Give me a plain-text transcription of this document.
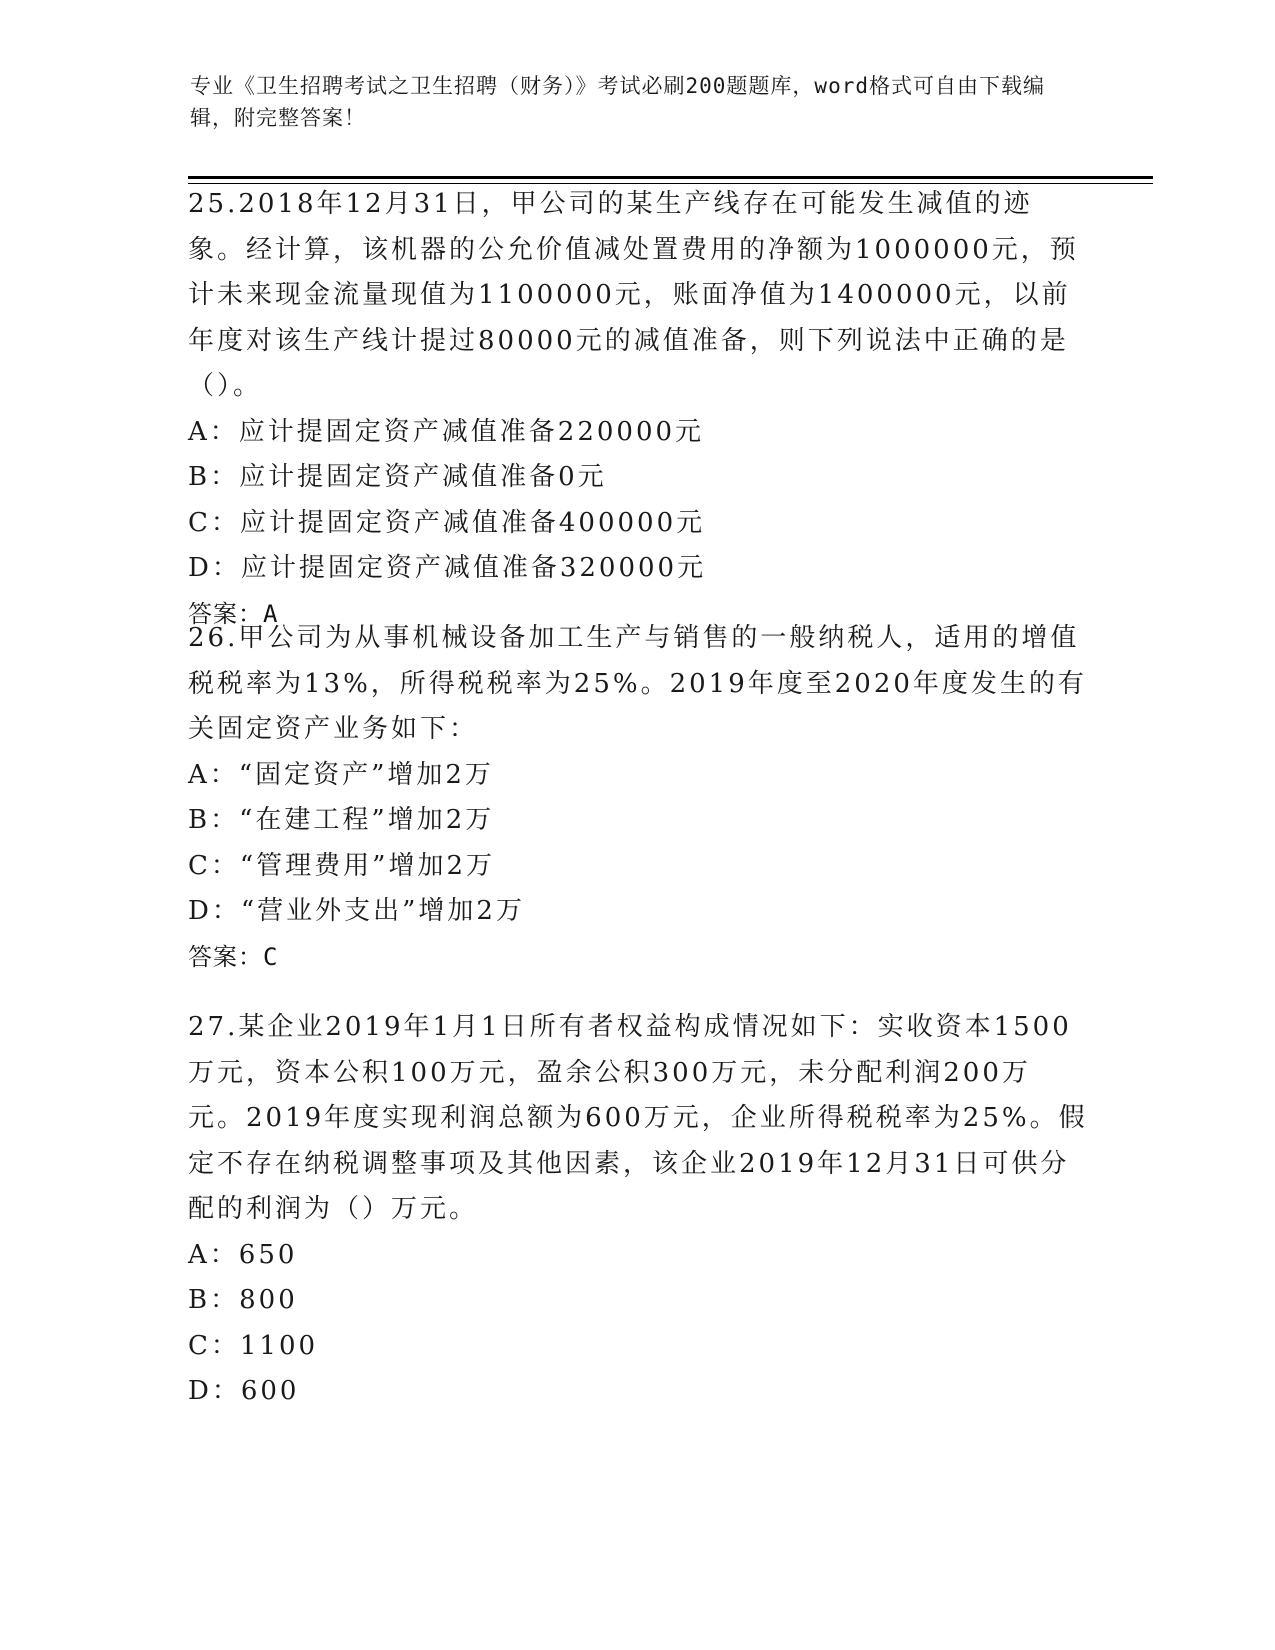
专业《卫生招聘考试之卫生招聘（财务）》考试必刷200题题库，word格式可自由下载编辑，附完整答案！

25.2018年12月31日，甲公司的某生产线存在可能发生减值的迹象。经计算，该机器的公允价值减处置费用的净额为1000000元，预计未来现金流量现值为1100000元，账面净值为1400000元，以前年度对该生产线计提过80000元的减值准备，则下列说法中正确的是（）。

A：应计提固定资产减值准备220000元

B：应计提固定资产减值准备0元

C：应计提固定资产减值准备400000元

D：应计提固定资产减值准备320000元

答案：A

26.甲公司为从事机械设备加工生产与销售的一般纳税人，适用的增值税税率为13%，所得税税率为25%。2019年度至2020年度发生的有关固定资产业务如下：

A：“固定资产”增加2万

B：“在建工程”增加2万

C：“管理费用”增加2万

D：“营业外支出”增加2万

答案：C

27.某企业2019年1月1日所有者权益构成情况如下：实收资本1500万元，资本公积100万元，盈余公积300万元，未分配利润200万元。2019年度实现利润总额为600万元，企业所得税税率为25%。假定不存在纳税调整事项及其他因素，该企业2019年12月31日可供分配的利润为（）万元。

A：650

B：800

C：1100

D：600
